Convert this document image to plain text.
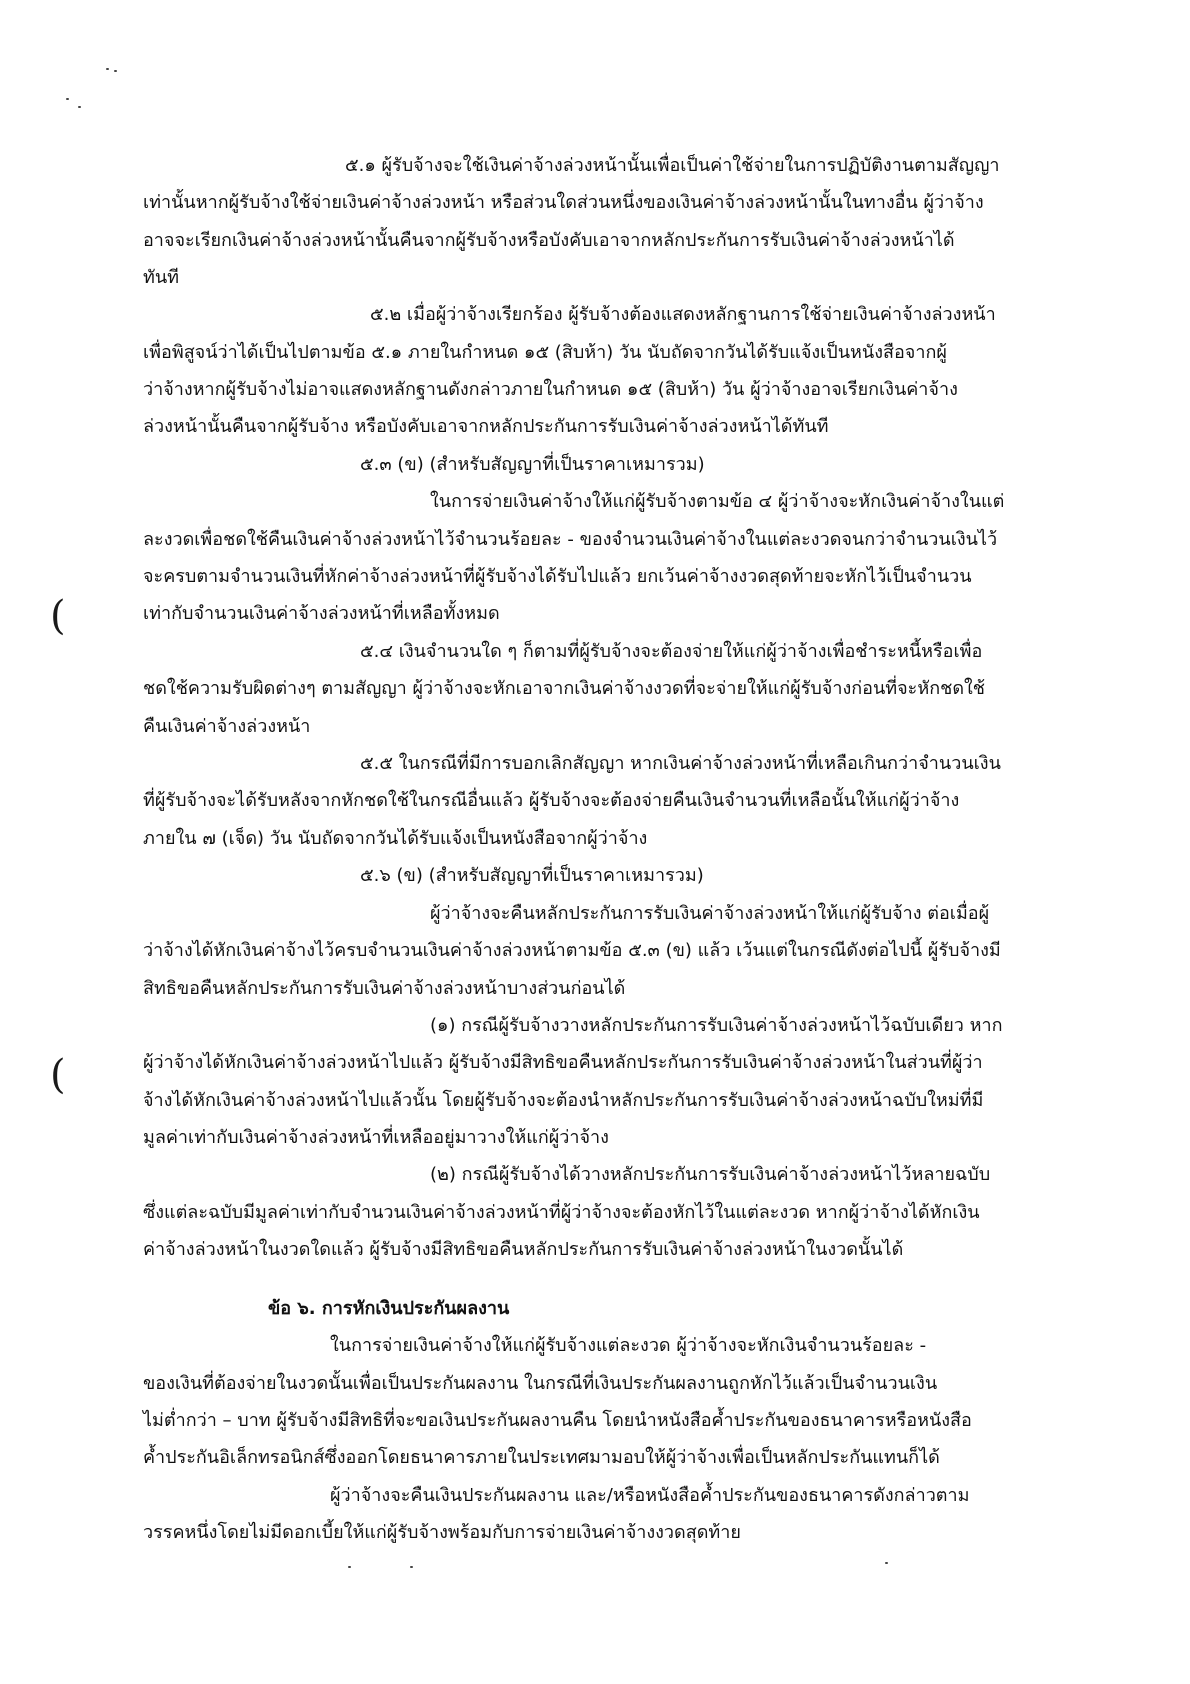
(
(
๕.๑ ผู้รับจ้างจะใช้เงินค่าจ้างล่วงหน้านั้นเพื่อเป็นค่าใช้จ่ายในการปฏิบัติงานตามสัญญา
เท่านั้นหากผู้รับจ้างใช้จ่ายเงินค่าจ้างล่วงหน้า หรือส่วนใดส่วนหนึ่งของเงินค่าจ้างล่วงหน้านั้นในทางอื่น ผู้ว่าจ้าง
อาจจะเรียกเงินค่าจ้างล่วงหน้านั้นคืนจากผู้รับจ้างหรือบังคับเอาจากหลักประกันการรับเงินค่าจ้างล่วงหน้าได้
ทันที
๕.๒ เมื่อผู้ว่าจ้างเรียกร้อง ผู้รับจ้างต้องแสดงหลักฐานการใช้จ่ายเงินค่าจ้างล่วงหน้า
เพื่อพิสูจน์ว่าได้เป็นไปตามข้อ ๕.๑ ภายในกำหนด ๑๕ (สิบห้า) วัน นับถัดจากวันได้รับแจ้งเป็นหนังสือจากผู้
ว่าจ้างหากผู้รับจ้างไม่อาจแสดงหลักฐานดังกล่าวภายในกำหนด ๑๕ (สิบห้า) วัน ผู้ว่าจ้างอาจเรียกเงินค่าจ้าง
ล่วงหน้านั้นคืนจากผู้รับจ้าง หรือบังคับเอาจากหลักประกันการรับเงินค่าจ้างล่วงหน้าได้ทันที
๕.๓ (ข) (สำหรับสัญญาที่เป็นราคาเหมารวม)
ในการจ่ายเงินค่าจ้างให้แก่ผู้รับจ้างตามข้อ ๔ ผู้ว่าจ้างจะหักเงินค่าจ้างในแต่
ละงวดเพื่อชดใช้คืนเงินค่าจ้างล่วงหน้าไว้จำนวนร้อยละ - ของจำนวนเงินค่าจ้างในแต่ละงวดจนกว่าจำนวนเงินไว้
จะครบตามจำนวนเงินที่หักค่าจ้างล่วงหน้าที่ผู้รับจ้างได้รับไปแล้ว ยกเว้นค่าจ้างงวดสุดท้ายจะหักไว้เป็นจำนวน
เท่ากับจำนวนเงินค่าจ้างล่วงหน้าที่เหลือทั้งหมด
๕.๔ เงินจำนวนใด ๆ ก็ตามที่ผู้รับจ้างจะต้องจ่ายให้แก่ผู้ว่าจ้างเพื่อชำระหนี้หรือเพื่อ
ชดใช้ความรับผิดต่างๆ ตามสัญญา ผู้ว่าจ้างจะหักเอาจากเงินค่าจ้างงวดที่จะจ่ายให้แก่ผู้รับจ้างก่อนที่จะหักชดใช้
คืนเงินค่าจ้างล่วงหน้า
๕.๕ ในกรณีที่มีการบอกเลิกสัญญา หากเงินค่าจ้างล่วงหน้าที่เหลือเกินกว่าจำนวนเงิน
ที่ผู้รับจ้างจะได้รับหลังจากหักชดใช้ในกรณีอื่นแล้ว ผู้รับจ้างจะต้องจ่ายคืนเงินจำนวนที่เหลือนั้นให้แก่ผู้ว่าจ้าง
ภายใน ๗ (เจ็ด) วัน นับถัดจากวันได้รับแจ้งเป็นหนังสือจากผู้ว่าจ้าง
๕.๖ (ข) (สำหรับสัญญาที่เป็นราคาเหมารวม)
ผู้ว่าจ้างจะคืนหลักประกันการรับเงินค่าจ้างล่วงหน้าให้แก่ผู้รับจ้าง ต่อเมื่อผู้
ว่าจ้างได้หักเงินค่าจ้างไว้ครบจำนวนเงินค่าจ้างล่วงหน้าตามข้อ ๕.๓ (ข) แล้ว เว้นแต่ในกรณีดังต่อไปนี้ ผู้รับจ้างมี
สิทธิขอคืนหลักประกันการรับเงินค่าจ้างล่วงหน้าบางส่วนก่อนได้
(๑) กรณีผู้รับจ้างวางหลักประกันการรับเงินค่าจ้างล่วงหน้าไว้ฉบับเดียว หาก
ผู้ว่าจ้างได้หักเงินค่าจ้างล่วงหน้าไปแล้ว ผู้รับจ้างมีสิทธิขอคืนหลักประกันการรับเงินค่าจ้างล่วงหน้าในส่วนที่ผู้ว่า
จ้างได้หักเงินค่าจ้างล่วงหน้าไปแล้วนั้น โดยผู้รับจ้างจะต้องนำหลักประกันการรับเงินค่าจ้างล่วงหน้าฉบับใหม่ที่มี
มูลค่าเท่ากับเงินค่าจ้างล่วงหน้าที่เหลืออยู่มาวางให้แก่ผู้ว่าจ้าง
(๒) กรณีผู้รับจ้างได้วางหลักประกันการรับเงินค่าจ้างล่วงหน้าไว้หลายฉบับ
ซึ่งแต่ละฉบับมีมูลค่าเท่ากับจำนวนเงินค่าจ้างล่วงหน้าที่ผู้ว่าจ้างจะต้องหักไว้ในแต่ละงวด หากผู้ว่าจ้างได้หักเงิน
ค่าจ้างล่วงหน้าในงวดใดแล้ว ผู้รับจ้างมีสิทธิขอคืนหลักประกันการรับเงินค่าจ้างล่วงหน้าในงวดนั้นได้
ข้อ ๖. การหักเงินประกันผลงาน
ในการจ่ายเงินค่าจ้างให้แก่ผู้รับจ้างแต่ละงวด ผู้ว่าจ้างจะหักเงินจำนวนร้อยละ -
ของเงินที่ต้องจ่ายในงวดนั้นเพื่อเป็นประกันผลงาน ในกรณีที่เงินประกันผลงานถูกหักไว้แล้วเป็นจำนวนเงิน
ไม่ต่ำกว่า – บาท ผู้รับจ้างมีสิทธิที่จะขอเงินประกันผลงานคืน โดยนำหนังสือค้ำประกันของธนาคารหรือหนังสือ
ค้ำประกันอิเล็กทรอนิกส์ซึ่งออกโดยธนาคารภายในประเทศมามอบให้ผู้ว่าจ้างเพื่อเป็นหลักประกันแทนก็ได้
ผู้ว่าจ้างจะคืนเงินประกันผลงาน และ/หรือหนังสือค้ำประกันของธนาคารดังกล่าวตาม
วรรคหนึ่งโดยไม่มีดอกเบี้ยให้แก่ผู้รับจ้างพร้อมกับการจ่ายเงินค่าจ้างงวดสุดท้าย
